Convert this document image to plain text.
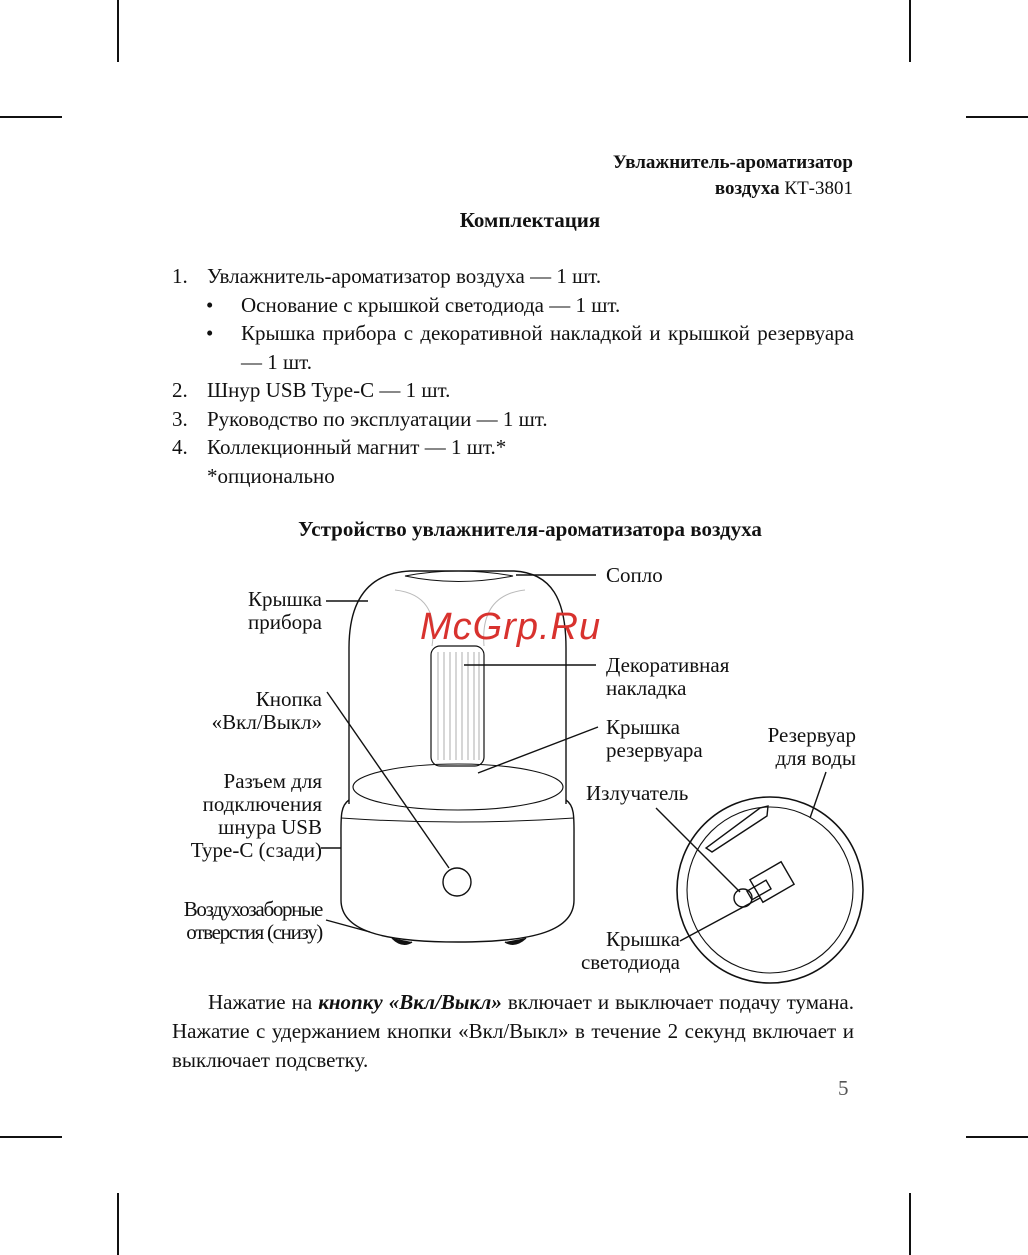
Увлажнитель-ароматизатор
воздуха КТ-3801
Комплектация
1. Увлажнитель-ароматизатор воздуха — 1 шт.
• Основание с крышкой светодиода — 1 шт.
• Крышка прибора с декоративной накладкой и крышкой резервуара — 1 шт.
2. Шнур USB Type-C — 1 шт.
3. Руководство по эксплуатации — 1 шт.
4. Коллекционный магнит — 1 шт.*
*опционально
Устройство увлажнителя-ароматизатора воздуха
McGrp.Ru
Сопло
Крышка
прибора
Кнопка
«Вкл/Выкл»
Разъем для
подключения
шнура USB
Type-C (сзади)
Воздухозаборные
отверстия (снизу)
Декоративная
накладка
Крышка
резервуара
Резервуар
для воды
Излучатель
Крышка
светодиода
Нажатие на кнопку «Вкл/Выкл» включает и выключает подачу тумана. Нажатие с удержанием кнопки «Вкл/Выкл» в течение 2 секунд включает и выключает подсветку.
5
